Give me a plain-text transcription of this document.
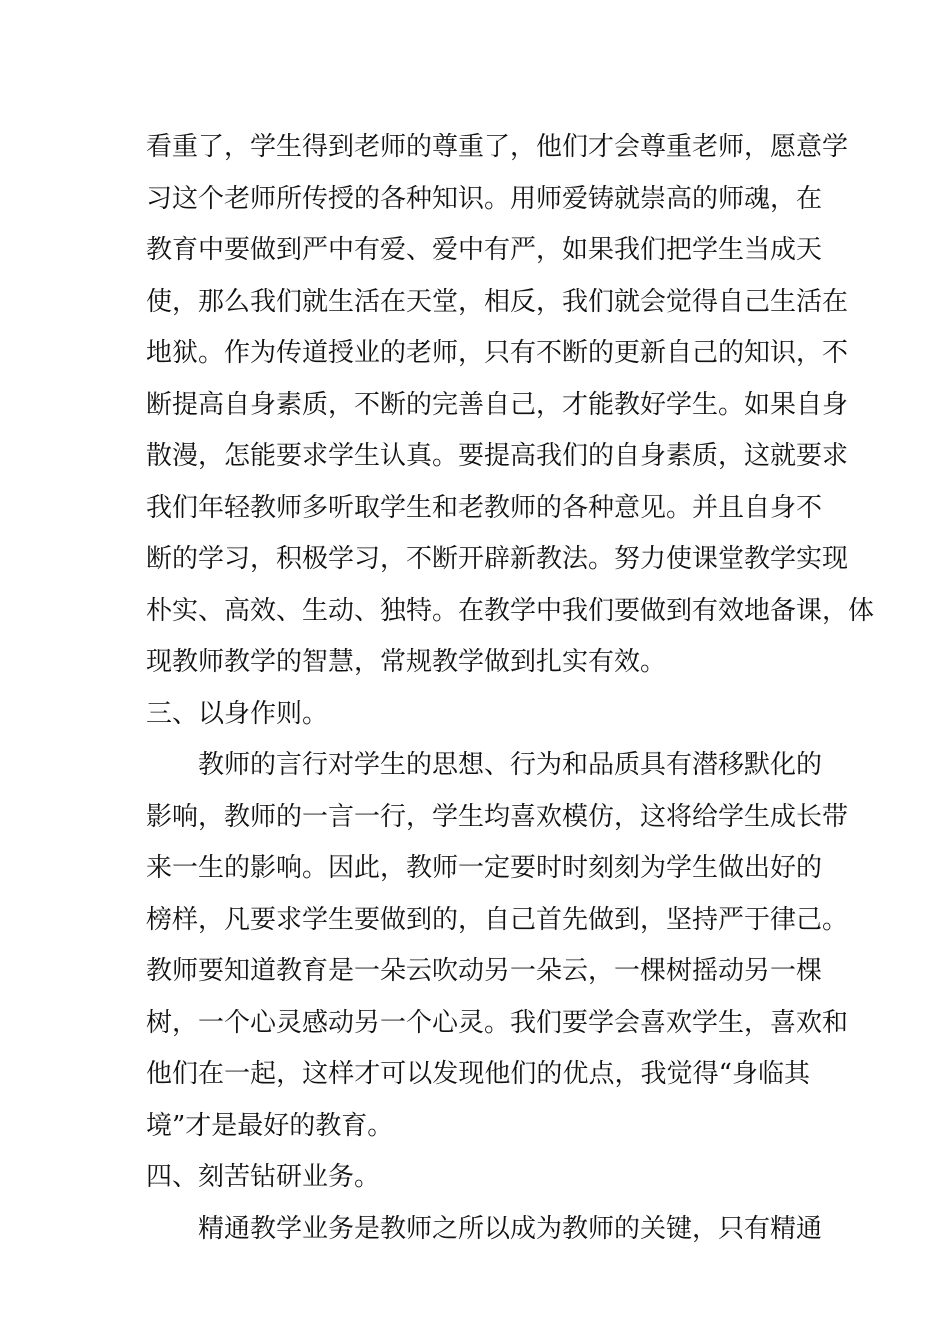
看重了，学生得到老师的尊重了，他们才会尊重老师，愿意学
习这个老师所传授的各种知识。用师爱铸就崇高的师魂，在
教育中要做到严中有爱、爱中有严，如果我们把学生当成天
使，那么我们就生活在天堂，相反，我们就会觉得自己生活在
地狱。作为传道授业的老师，只有不断的更新自己的知识，不
断提高自身素质，不断的完善自己，才能教好学生。如果自身
散漫，怎能要求学生认真。要提高我们的自身素质，这就要求
我们年轻教师多听取学生和老教师的各种意见。并且自身不
断的学习，积极学习，不断开辟新教法。努力使课堂教学实现
朴实、高效、生动、独特。在教学中我们要做到有效地备课，体
现教师教学的智慧，常规教学做到扎实有效。
三、以身作则。
教师的言行对学生的思想、行为和品质具有潜移默化的
影响，教师的一言一行，学生均喜欢模仿，这将给学生成长带
来一生的影响。因此，教师一定要时时刻刻为学生做出好的
榜样，凡要求学生要做到的，自己首先做到，坚持严于律己。
教师要知道教育是一朵云吹动另一朵云，一棵树摇动另一棵
树，一个心灵感动另一个心灵。我们要学会喜欢学生，喜欢和
他们在一起，这样才可以发现他们的优点，我觉得“身临其
境”才是最好的教育。
四、刻苦钻研业务。
精通教学业务是教师之所以成为教师的关键，只有精通
